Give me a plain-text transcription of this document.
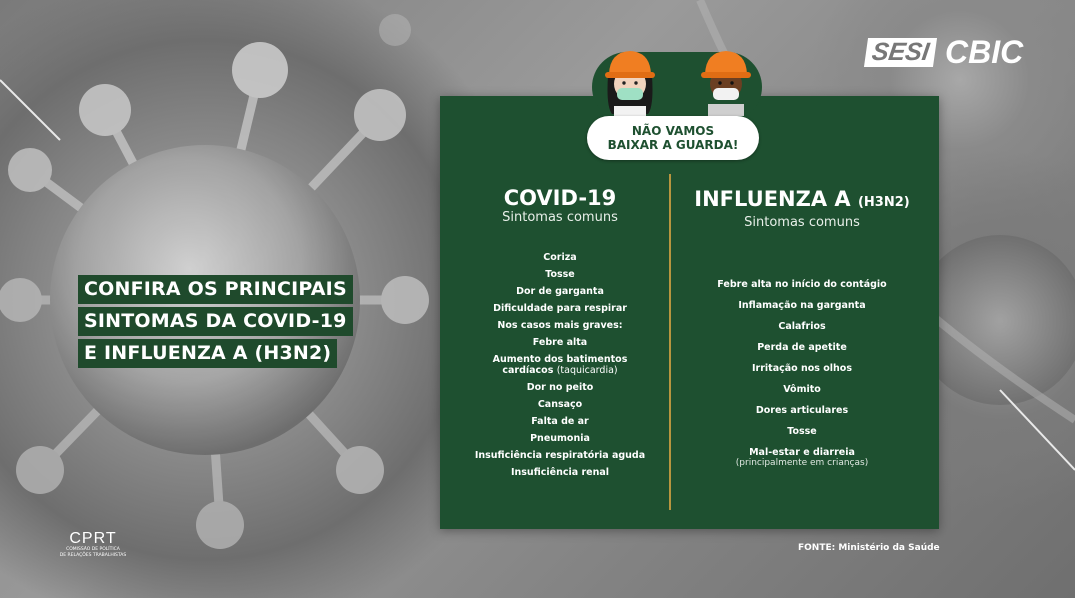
CONFIRA OS PRINCIPAIS
SINTOMAS DA COVID-19
E INFLUENZA A (H3N2)
SESI CBIC
NÃO VAMOS
BAIXAR A GUARDA!
COVID-19
Sintomas comuns
Coriza
Tosse
Dor de garganta
Dificuldade para respirar
Nos casos mais graves:
Febre alta
Aumento dos batimentos
cardíacos (taquicardia)
Dor no peito
Cansaço
Falta de ar
Pneumonia
Insuficiência respiratória aguda
Insuficiência renal
INFLUENZA A (H3N2)
Sintomas comuns
Febre alta no início do contágio
Inflamação na garganta
Calafrios
Perda de apetite
Irritação nos olhos
Vômito
Dores articulares
Tosse
Mal-estar e diarreia
(principalmente em crianças)
FONTE: Ministério da Saúde
CPRT
COMISSÃO DE POLÍTICA
DE RELAÇÕES TRABALHISTAS
